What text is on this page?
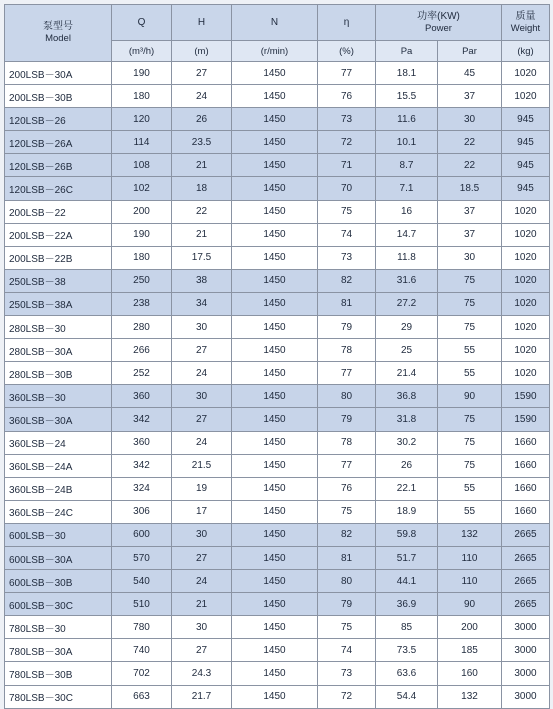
泵型号
Model	Q	H	N	η	功率(KW)
Power		质量
Weight

	(m³/h)	(m)	(r/min)	(%)	Pa	Par	(kg)
200LSB－30A	190	27	1450	77	18.1	45	1020
200LSB－30B	180	24	1450	76	15.5	37	1020
120LSB－26	120	26	1450	73	11.6	30	945
120LSB－26A	114	23.5	1450	72	10.1	22	945
120LSB－26B	108	21	1450	71	8.7	22	945
120LSB－26C	102	18	1450	70	7.1	18.5	945
200LSB－22	200	22	1450	75	16	37	1020
200LSB－22A	190	21	1450	74	14.7	37	1020
200LSB－22B	180	17.5	1450	73	11.8	30	1020
250LSB－38	250	38	1450	82	31.6	75	1020
250LSB－38A	238	34	1450	81	27.2	75	1020
280LSB－30	280	30	1450	79	29	75	1020
280LSB－30A	266	27	1450	78	25	55	1020
280LSB－30B	252	24	1450	77	21.4	55	1020
360LSB－30	360	30	1450	80	36.8	90	1590
360LSB－30A	342	27	1450	79	31.8	75	1590
360LSB－24	360	24	1450	78	30.2	75	1660
360LSB－24A	342	21.5	1450	77	26	75	1660
360LSB－24B	324	19	1450	76	22.1	55	1660
360LSB－24C	306	17	1450	75	18.9	55	1660
600LSB－30	600	30	1450	82	59.8	132	2665
600LSB－30A	570	27	1450	81	51.7	110	2665
600LSB－30B	540	24	1450	80	44.1	110	2665
600LSB－30C	510	21	1450	79	36.9	90	2665
780LSB－30	780	30	1450	75	85	200	3000
780LSB－30A	740	27	1450	74	73.5	185	3000
780LSB－30B	702	24.3	1450	73	63.6	160	3000
780LSB－30C	663	21.7	1450	72	54.4	132	3000
